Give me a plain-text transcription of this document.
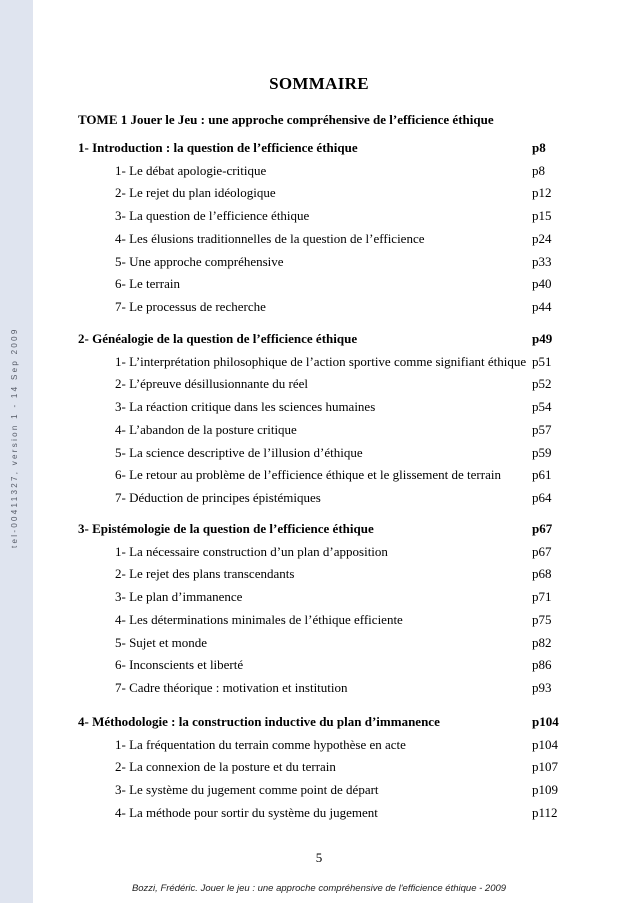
tel-00411327, version 1 - 14 Sep 2009
SOMMAIRE
TOME 1 Jouer le Jeu : une approche compréhensive de l’efficience éthique
1- Introduction : la question de l’efficience éthique	p8
1- Le débat apologie-critique	p8
2- Le rejet du plan idéologique	p12
3- La question de l’efficience éthique	p15
4- Les élusions traditionnelles de la question de l’efficience	p24
5- Une approche compréhensive	p33
6- Le terrain	p40
7- Le processus de recherche	p44
2- Généalogie de la question de l’efficience éthique	p49
1- L’interprétation philosophique de l’action sportive comme signifiant éthique p51
2- L’épreuve désillusionnante du réel	p52
3- La réaction critique dans les sciences humaines	p54
4- L’abandon de la posture critique	p57
5- La science descriptive de l’illusion d’éthique	p59
6- Le retour au problème de l’efficience éthique et le glissement de terrain p61
7- Déduction de principes épistémiques	p64
3- Epistémologie de la question de l’efficience éthique	p67
1- La nécessaire construction d’un plan d’apposition	p67
2- Le rejet des plans transcendants	p68
3- Le plan d’immanence	p71
4- Les déterminations minimales de l’éthique efficiente	p75
5- Sujet et monde	p82
6- Inconscients et liberté	p86
7- Cadre théorique : motivation et institution	p93
4- Méthodologie : la construction inductive du plan d’immanence	p104
1- La fréquentation du terrain comme hypothèse en acte	p104
2- La connexion de la posture et du terrain	p107
3- Le système du jugement comme point de départ	p109
4- La méthode pour sortir du système du jugement	p112
5
Bozzi, Frédéric. Jouer le jeu : une approche compréhensive de l'efficience éthique - 2009
